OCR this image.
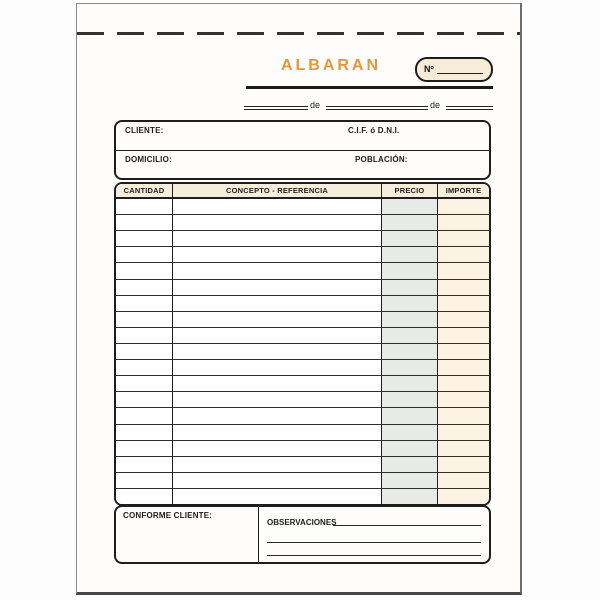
ALBARAN	Nº
de	de
CLIENTE:	C.I.F. ó D.N.I.
DOMICILIO:	POBLACIÓN:
CANTIDAD	CONCEPTO - REFERENCIA	PRECIO	IMPORTE
CONFORME CLIENTE:
OBSERVACIONES
